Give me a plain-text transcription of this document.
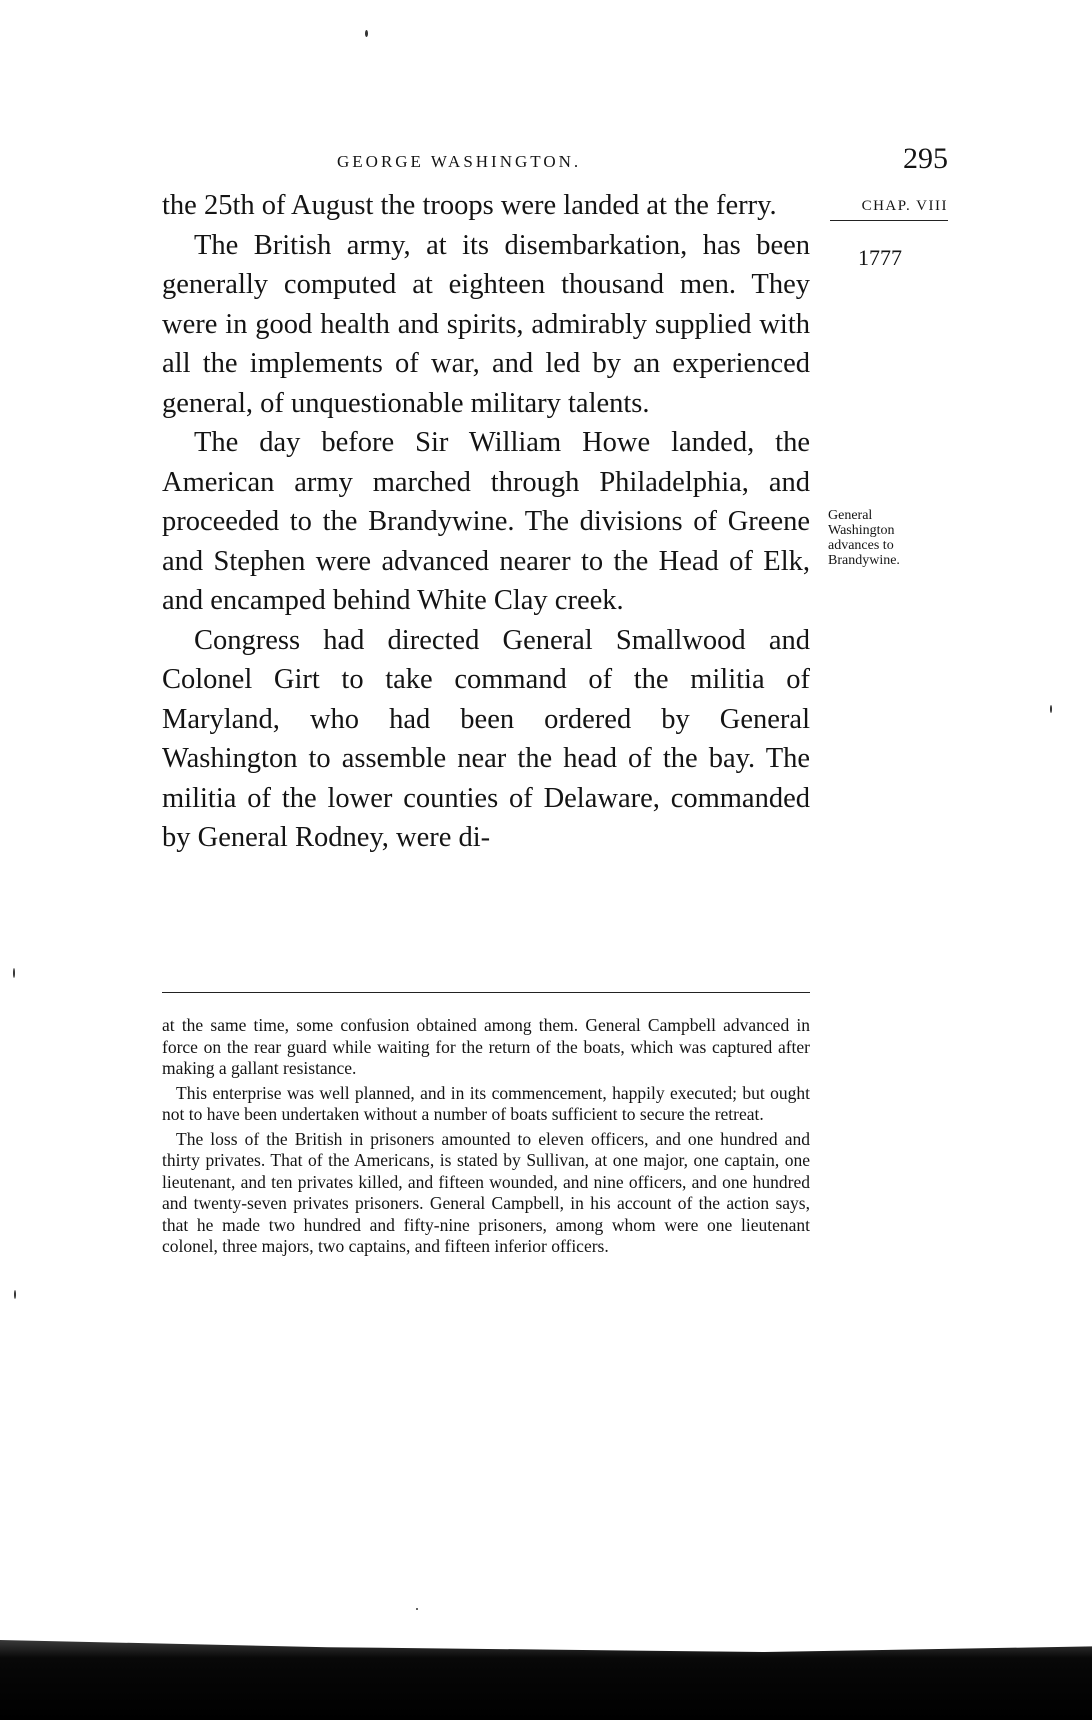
GEORGE WASHINGTON.	295
CHAP. VIII
1777
General
Washington
advances to
Brandywine.

the 25th of August the troops were landed at the ferry.

The British army, at its disembarkation, has been generally computed at eighteen thousand men. They were in good health and spirits, admirably supplied with all the implements of war, and led by an experienced general, of unquestionable military talents.

The day before Sir William Howe landed, the American army marched through Philadelphia, and proceeded to the Brandywine. The divisions of Greene and Stephen were advanced nearer to the Head of Elk, and encamped behind White Clay creek.

Congress had directed General Smallwood and Colonel Girt to take command of the militia of Maryland, who had been ordered by General Washington to assemble near the head of the bay. The militia of the lower counties of Delaware, commanded by General Rodney, were di-

at the same time, some confusion obtained among them. General Campbell advanced in force on the rear guard while waiting for the return of the boats, which was captured after making a gallant resistance.

This enterprise was well planned, and in its commencement, happily executed; but ought not to have been undertaken without a number of boats sufficient to secure the retreat.

The loss of the British in prisoners amounted to eleven officers, and one hundred and thirty privates. That of the Americans, is stated by Sullivan, at one major, one captain, one lieutenant, and ten privates killed, and fifteen wounded, and nine officers, and one hundred and twenty-seven privates prisoners. General Campbell, in his account of the action says, that he made two hundred and fifty-nine prisoners, among whom were one lieutenant colonel, three majors, two captains, and fifteen inferior officers.
